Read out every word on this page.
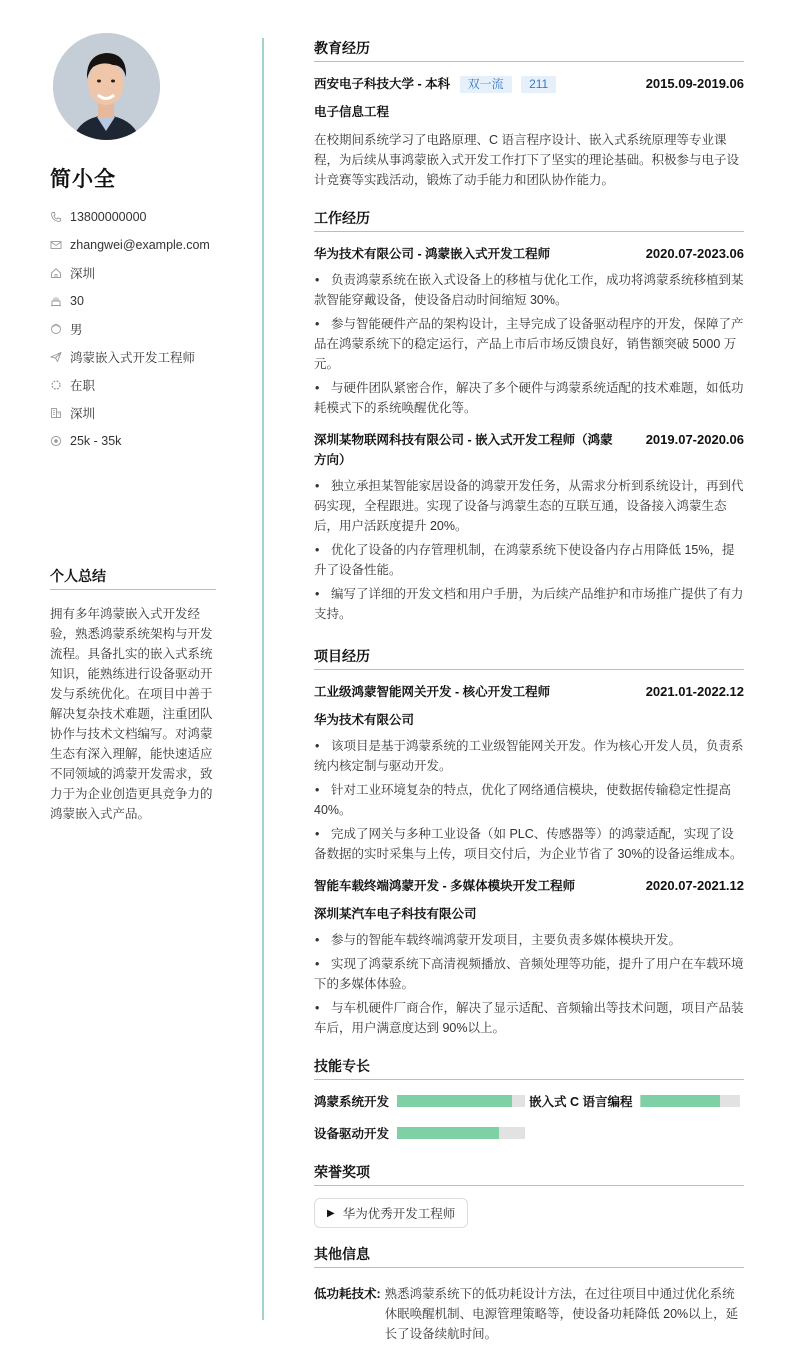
简小全
13800000000
zhangwei@example.com
深圳
30
男
鸿蒙嵌入式开发工程师
在职
深圳
25k - 35k
个人总结
拥有多年鸿蒙嵌入式开发经验，熟悉鸿蒙系统架构与开发流程。具备扎实的嵌入式系统知识，能熟练进行设备驱动开发与系统优化。在项目中善于解决复杂技术难题，注重团队协作与技术文档编写。对鸿蒙生态有深入理解，能快速适应不同领域的鸿蒙开发需求，致力于为企业创造更具竞争力的鸿蒙嵌入式产品。
教育经历
西安电子科技大学 - 本科 双一流 211	2015.09-2019.06
电子信息工程
在校期间系统学习了电路原理、C 语言程序设计、嵌入式系统原理等专业课程，为后续从事鸿蒙嵌入式开发工作打下了坚实的理论基础。积极参与电子设计竞赛等实践活动，锻炼了动手能力和团队协作能力。
工作经历
华为技术有限公司 - 鸿蒙嵌入式开发工程师	2020.07-2023.06
• 负责鸿蒙系统在嵌入式设备上的移植与优化工作，成功将鸿蒙系统移植到某款智能穿戴设备，使设备启动时间缩短 30%。
• 参与智能硬件产品的架构设计，主导完成了设备驱动程序的开发，保障了产品在鸿蒙系统下的稳定运行，产品上市后市场反馈良好，销售额突破 5000 万元。
• 与硬件团队紧密合作，解决了多个硬件与鸿蒙系统适配的技术难题，如低功耗模式下的系统唤醒优化等。
深圳某物联网科技有限公司 - 嵌入式开发工程师（鸿蒙方向）
2019.07-2020.06
• 独立承担某智能家居设备的鸿蒙开发任务，从需求分析到系统设计，再到代码实现，全程跟进。实现了设备与鸿蒙生态的互联互通，设备接入鸿蒙生态后，用户活跃度提升 20%。
• 优化了设备的内存管理机制，在鸿蒙系统下使设备内存占用降低 15%，提升了设备性能。
• 编写了详细的开发文档和用户手册，为后续产品维护和市场推广提供了有力支持。
项目经历
工业级鸿蒙智能网关开发 - 核心开发工程师	2021.01-2022.12
华为技术有限公司
• 该项目是基于鸿蒙系统的工业级智能网关开发。作为核心开发人员，负责系统内核定制与驱动开发。
• 针对工业环境复杂的特点，优化了网络通信模块，使数据传输稳定性提高 40%。
• 完成了网关与多种工业设备（如 PLC、传感器等）的鸿蒙适配，实现了设备数据的实时采集与上传，项目交付后，为企业节省了 30%的设备运维成本。
智能车载终端鸿蒙开发 - 多媒体模块开发工程师	2020.07-2021.12
深圳某汽车电子科技有限公司
• 参与的智能车载终端鸿蒙开发项目，主要负责多媒体模块开发。
• 实现了鸿蒙系统下高清视频播放、音频处理等功能，提升了用户在车载环境下的多媒体体验。
• 与车机硬件厂商合作，解决了显示适配、音频输出等技术问题，项目产品装车后，用户满意度达到 90%以上。
技能专长
鸿蒙系统开发	嵌入式 C 语言编程
设备驱动开发
荣誉奖项
▶ 华为优秀开发工程师
其他信息
低功耗技术: 熟悉鸿蒙系统下的低功耗设计方法，在过往项目中通过优化系统休眠唤醒机制、电源管理策略等，使设备功耗降低 20%以上，延长了设备续航时间。
